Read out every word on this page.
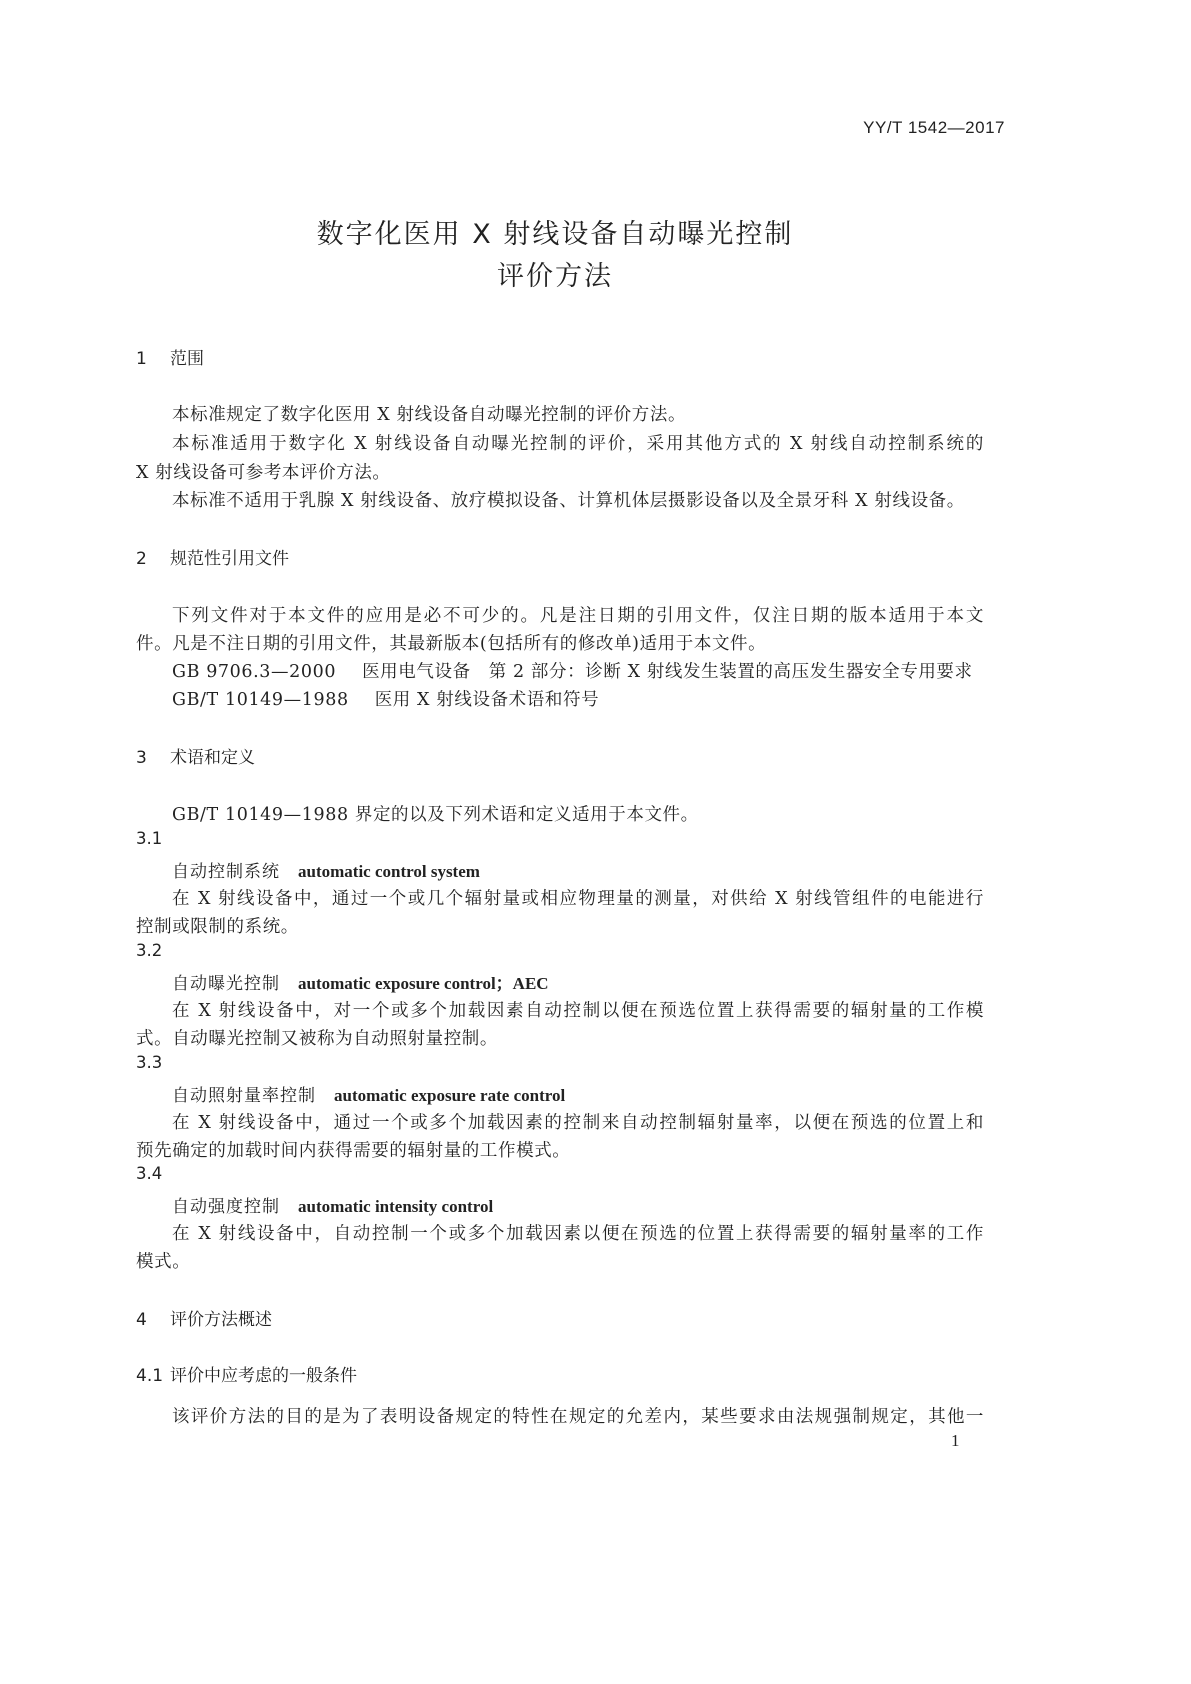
YY/T 1542—2017
数字化医用 X 射线设备自动曝光控制
评价方法
1 范围
本标准规定了数字化医用 X 射线设备自动曝光控制的评价方法。
本标准适用于数字化 X 射线设备自动曝光控制的评价，采用其他方式的 X 射线自动控制系统的
X 射线设备可参考本评价方法。
本标准不适用于乳腺 X 射线设备、放疗模拟设备、计算机体层摄影设备以及全景牙科 X 射线设备。
2 规范性引用文件
下列文件对于本文件的应用是必不可少的。凡是注日期的引用文件，仅注日期的版本适用于本文
件。凡是不注日期的引用文件，其最新版本(包括所有的修改单)适用于本文件。
GB 9706.3—2000 医用电气设备　第 2 部分：诊断 X 射线发生装置的高压发生器安全专用要求
GB/T 10149—1988 医用 X 射线设备术语和符号
3 术语和定义
GB/T 10149—1988 界定的以及下列术语和定义适用于本文件。
3.1
自动控制系统 automatic control system
在 X 射线设备中，通过一个或几个辐射量或相应物理量的测量，对供给 X 射线管组件的电能进行
控制或限制的系统。
3.2
自动曝光控制 automatic exposure control；AEC
在 X 射线设备中，对一个或多个加载因素自动控制以便在预选位置上获得需要的辐射量的工作模
式。自动曝光控制又被称为自动照射量控制。
3.3
自动照射量率控制 automatic exposure rate control
在 X 射线设备中，通过一个或多个加载因素的控制来自动控制辐射量率，以便在预选的位置上和
预先确定的加载时间内获得需要的辐射量的工作模式。
3.4
自动强度控制 automatic intensity control
在 X 射线设备中，自动控制一个或多个加载因素以便在预选的位置上获得需要的辐射量率的工作
模式。
4 评价方法概述
4.1 评价中应考虑的一般条件
该评价方法的目的是为了表明设备规定的特性在规定的允差内，某些要求由法规强制规定，其他一
1
